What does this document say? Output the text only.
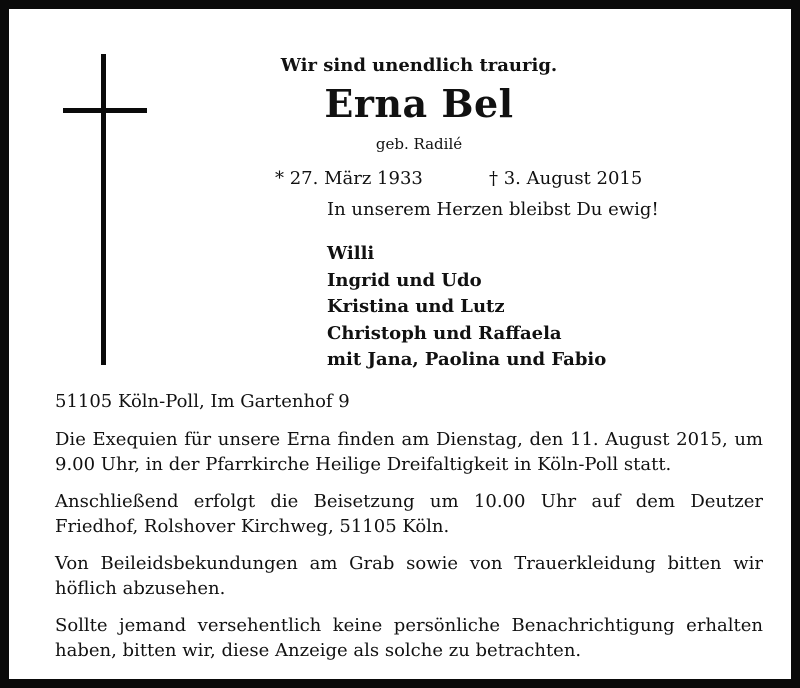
Wir sind unendlich traurig.
Erna Bel
geb. Radilé
* 27. März 1933	† 3. August 2015
In unserem Herzen bleibst Du ewig!
Willi
Ingrid und Udo
Kristina und Lutz
Christoph und Raffaela
mit Jana, Paolina und Fabio
51105 Köln-Poll, Im Gartenhof 9

Die Exequien für unsere Erna finden am Dienstag, den 11. August 2015, um 9.00 Uhr, in der Pfarrkirche Heilige Dreifaltigkeit in Köln-Poll statt.

Anschließend erfolgt die Beisetzung um 10.00 Uhr auf dem Deutzer Friedhof, Rolshover Kirchweg, 51105 Köln.

Von Beileidsbekundungen am Grab sowie von Trauerkleidung bitten wir höflich abzusehen.

Sollte jemand versehentlich keine persönliche Benachrichtigung erhalten haben, bitten wir, diese Anzeige als solche zu betrachten.
